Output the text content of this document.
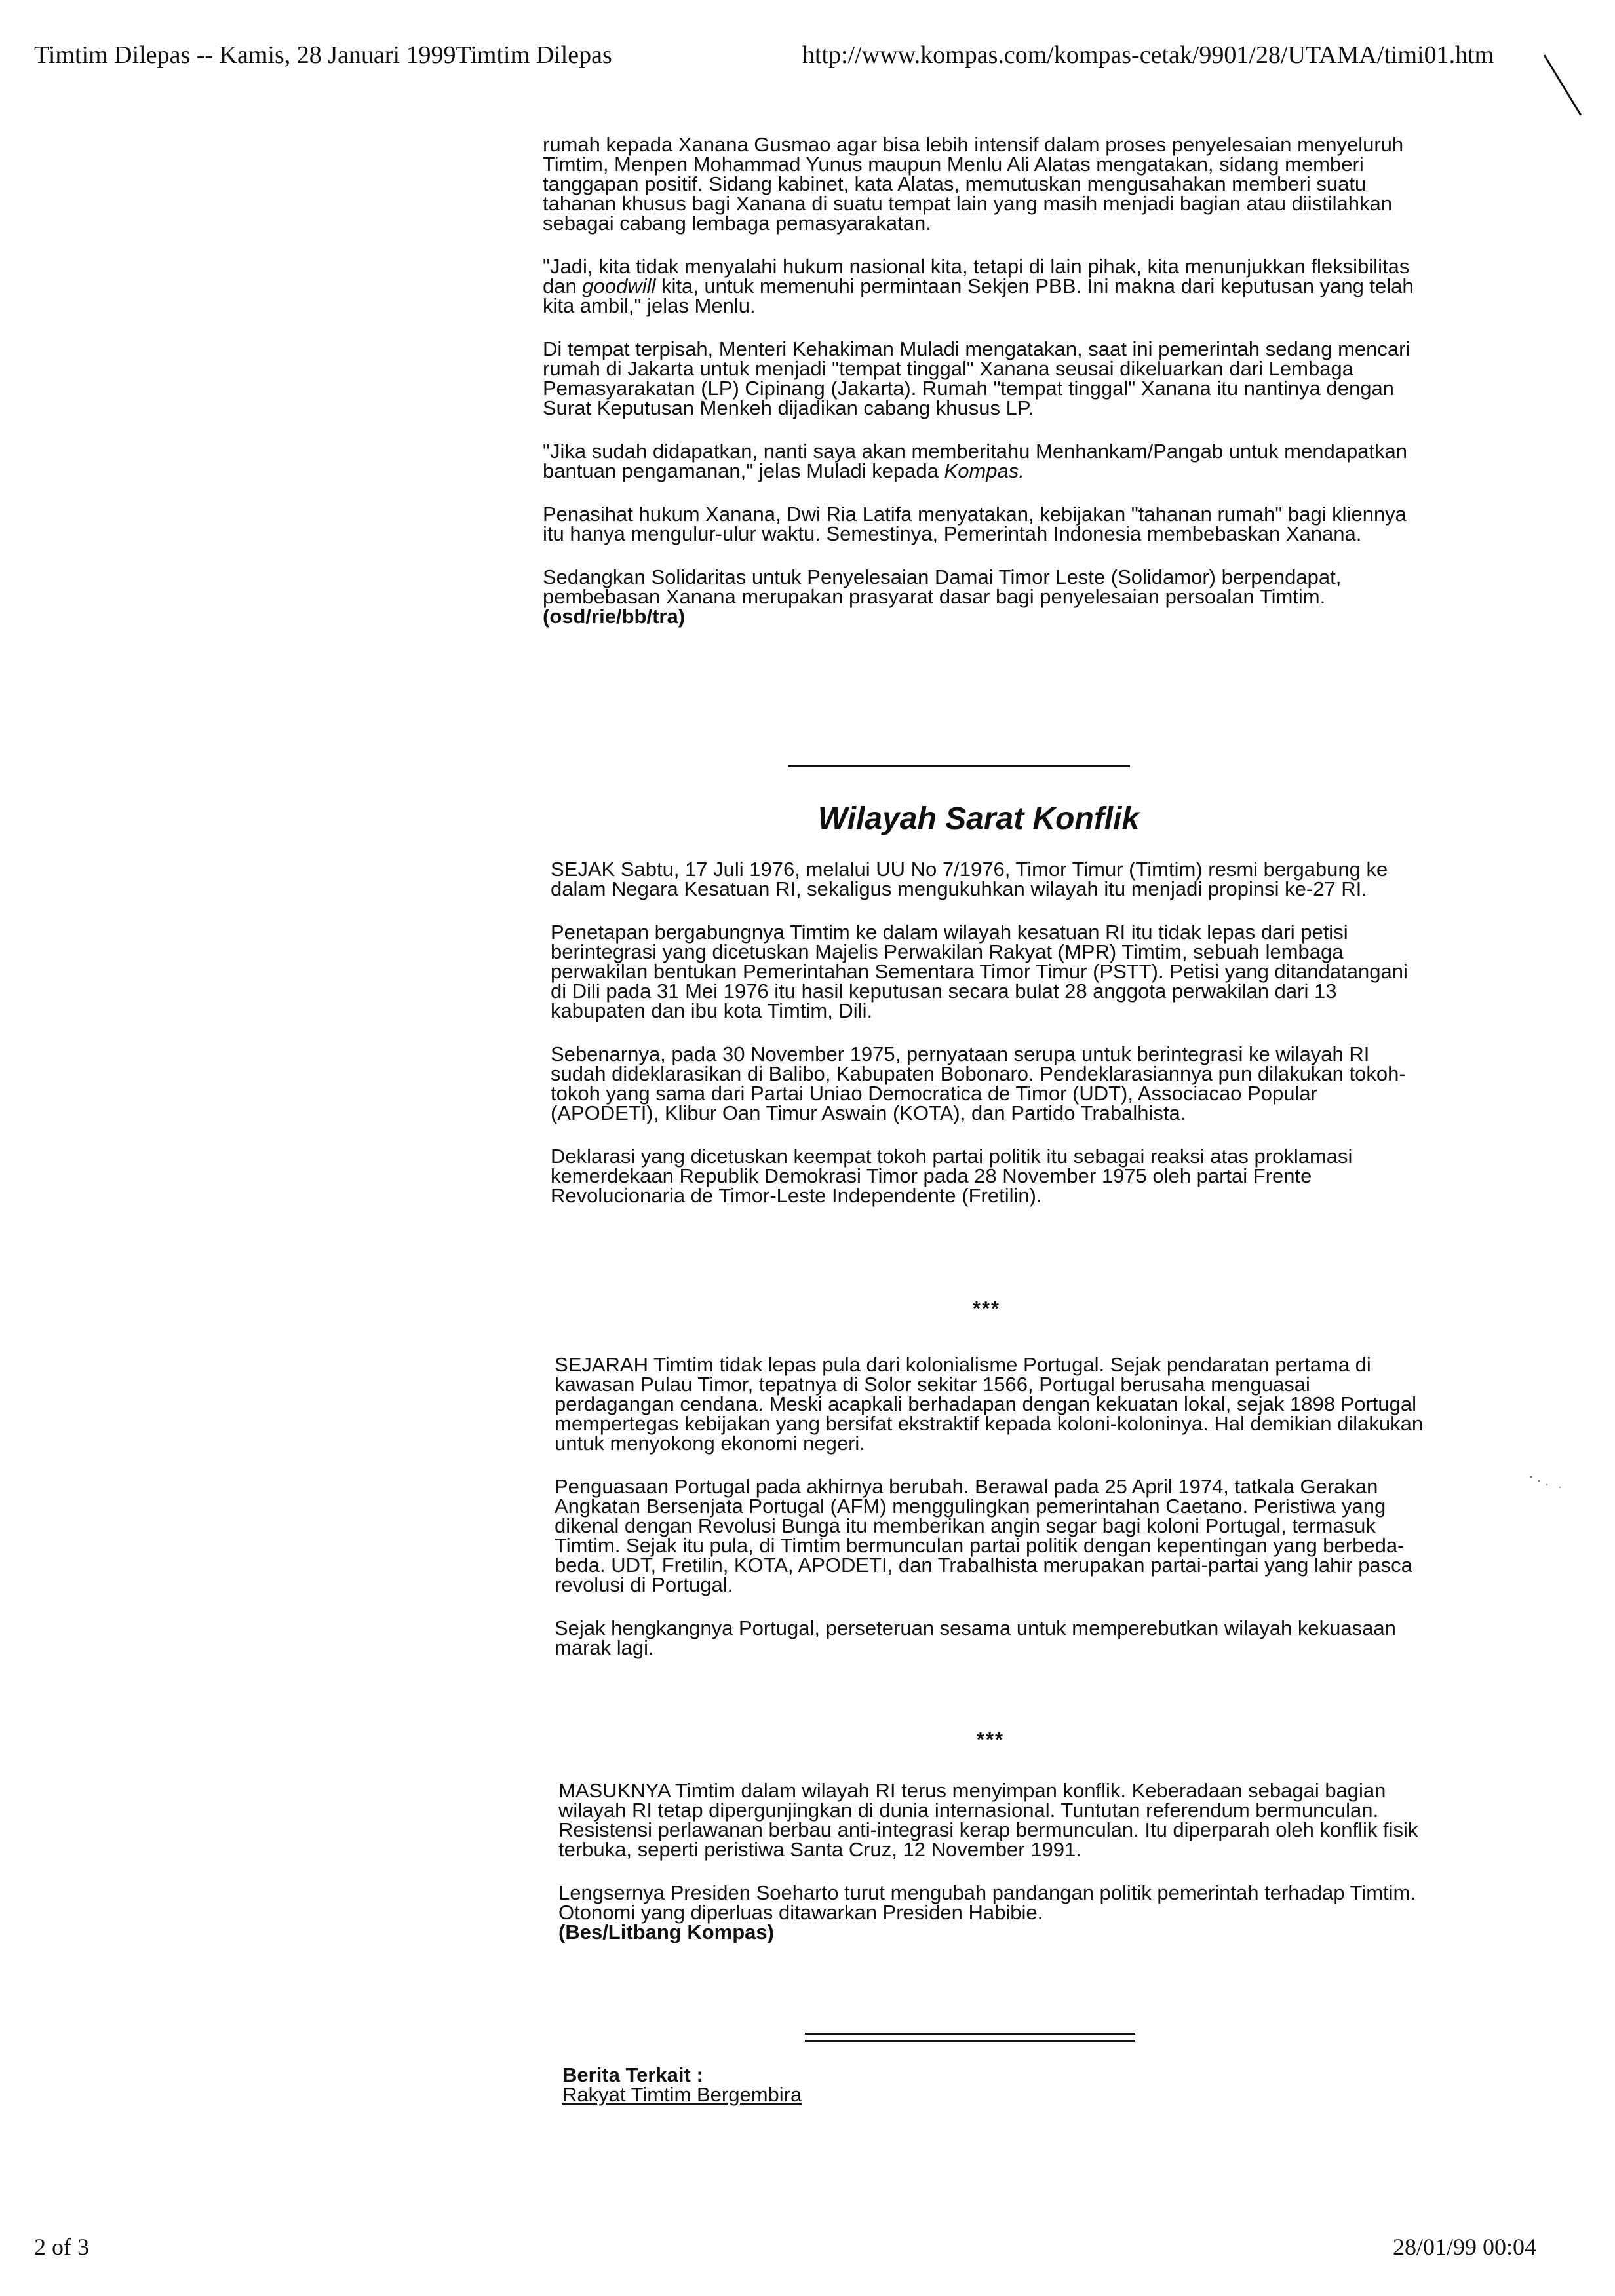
Timtim Dilepas -- Kamis, 28 Januari 1999Timtim Dilepas	http://www.kompas.com/kompas-cetak/9901/28/UTAMA/timi01.htm

rumah kepada Xanana Gusmao agar bisa lebih intensif dalam proses penyelesaian menyeluruh Timtim, Menpen Mohammad Yunus maupun Menlu Ali Alatas mengatakan, sidang memberi tanggapan positif. Sidang kabinet, kata Alatas, memutuskan mengusahakan memberi suatu tahanan khusus bagi Xanana di suatu tempat lain yang masih menjadi bagian atau diistilahkan sebagai cabang lembaga pemasyarakatan.

"Jadi, kita tidak menyalahi hukum nasional kita, tetapi di lain pihak, kita menunjukkan fleksibilitas dan goodwill kita, untuk memenuhi permintaan Sekjen PBB. Ini makna dari keputusan yang telah kita ambil," jelas Menlu.

Di tempat terpisah, Menteri Kehakiman Muladi mengatakan, saat ini pemerintah sedang mencari rumah di Jakarta untuk menjadi "tempat tinggal" Xanana seusai dikeluarkan dari Lembaga Pemasyarakatan (LP) Cipinang (Jakarta). Rumah "tempat tinggal" Xanana itu nantinya dengan Surat Keputusan Menkeh dijadikan cabang khusus LP.

"Jika sudah didapatkan, nanti saya akan memberitahu Menhankam/Pangab untuk mendapatkan bantuan pengamanan," jelas Muladi kepada Kompas.

Penasihat hukum Xanana, Dwi Ria Latifa menyatakan, kebijakan "tahanan rumah" bagi kliennya itu hanya mengulur-ulur waktu. Semestinya, Pemerintah Indonesia membebaskan Xanana.

Sedangkan Solidaritas untuk Penyelesaian Damai Timor Leste (Solidamor) berpendapat, pembebasan Xanana merupakan prasyarat dasar bagi penyelesaian persoalan Timtim. (osd/rie/bb/tra)

Wilayah Sarat Konflik

SEJAK Sabtu, 17 Juli 1976, melalui UU No 7/1976, Timor Timur (Timtim) resmi bergabung ke dalam Negara Kesatuan RI, sekaligus mengukuhkan wilayah itu menjadi propinsi ke-27 RI.

Penetapan bergabungnya Timtim ke dalam wilayah kesatuan RI itu tidak lepas dari petisi berintegrasi yang dicetuskan Majelis Perwakilan Rakyat (MPR) Timtim, sebuah lembaga perwakilan bentukan Pemerintahan Sementara Timor Timur (PSTT). Petisi yang ditandatangani di Dili pada 31 Mei 1976 itu hasil keputusan secara bulat 28 anggota perwakilan dari 13 kabupaten dan ibu kota Timtim, Dili.

Sebenarnya, pada 30 November 1975, pernyataan serupa untuk berintegrasi ke wilayah RI sudah dideklarasikan di Balibo, Kabupaten Bobonaro. Pendeklarasiannya pun dilakukan tokoh-tokoh yang sama dari Partai Uniao Democratica de Timor (UDT), Associacao Popular (APODETI), Klibur Oan Timur Aswain (KOTA), dan Partido Trabalhista.

Deklarasi yang dicetuskan keempat tokoh partai politik itu sebagai reaksi atas proklamasi kemerdekaan Republik Demokrasi Timor pada 28 November 1975 oleh partai Frente Revolucionaria de Timor-Leste Independente (Fretilin).

***

SEJARAH Timtim tidak lepas pula dari kolonialisme Portugal. Sejak pendaratan pertama di kawasan Pulau Timor, tepatnya di Solor sekitar 1566, Portugal berusaha menguasai perdagangan cendana. Meski acapkali berhadapan dengan kekuatan lokal, sejak 1898 Portugal mempertegas kebijakan yang bersifat ekstraktif kepada koloni-koloninya. Hal demikian dilakukan untuk menyokong ekonomi negeri.

Penguasaan Portugal pada akhirnya berubah. Berawal pada 25 April 1974, tatkala Gerakan Angkatan Bersenjata Portugal (AFM) menggulingkan pemerintahan Caetano. Peristiwa yang dikenal dengan Revolusi Bunga itu memberikan angin segar bagi koloni Portugal, termasuk Timtim. Sejak itu pula, di Timtim bermunculan partai politik dengan kepentingan yang berbeda-beda. UDT, Fretilin, KOTA, APODETI, dan Trabalhista merupakan partai-partai yang lahir pasca revolusi di Portugal.

Sejak hengkangnya Portugal, perseteruan sesama untuk memperebutkan wilayah kekuasaan marak lagi.

***

MASUKNYA Timtim dalam wilayah RI terus menyimpan konflik. Keberadaan sebagai bagian wilayah RI tetap dipergunjingkan di dunia internasional. Tuntutan referendum bermunculan. Resistensi perlawanan berbau anti-integrasi kerap bermunculan. Itu diperparah oleh konflik fisik terbuka, seperti peristiwa Santa Cruz, 12 November 1991.

Lengsernya Presiden Soeharto turut mengubah pandangan politik pemerintah terhadap Timtim. Otonomi yang diperluas ditawarkan Presiden Habibie.

(Bes/Litbang Kompas)

Berita Terkait :

Rakyat Timtim Bergembira
2 of 3	28/01/99 00:04
